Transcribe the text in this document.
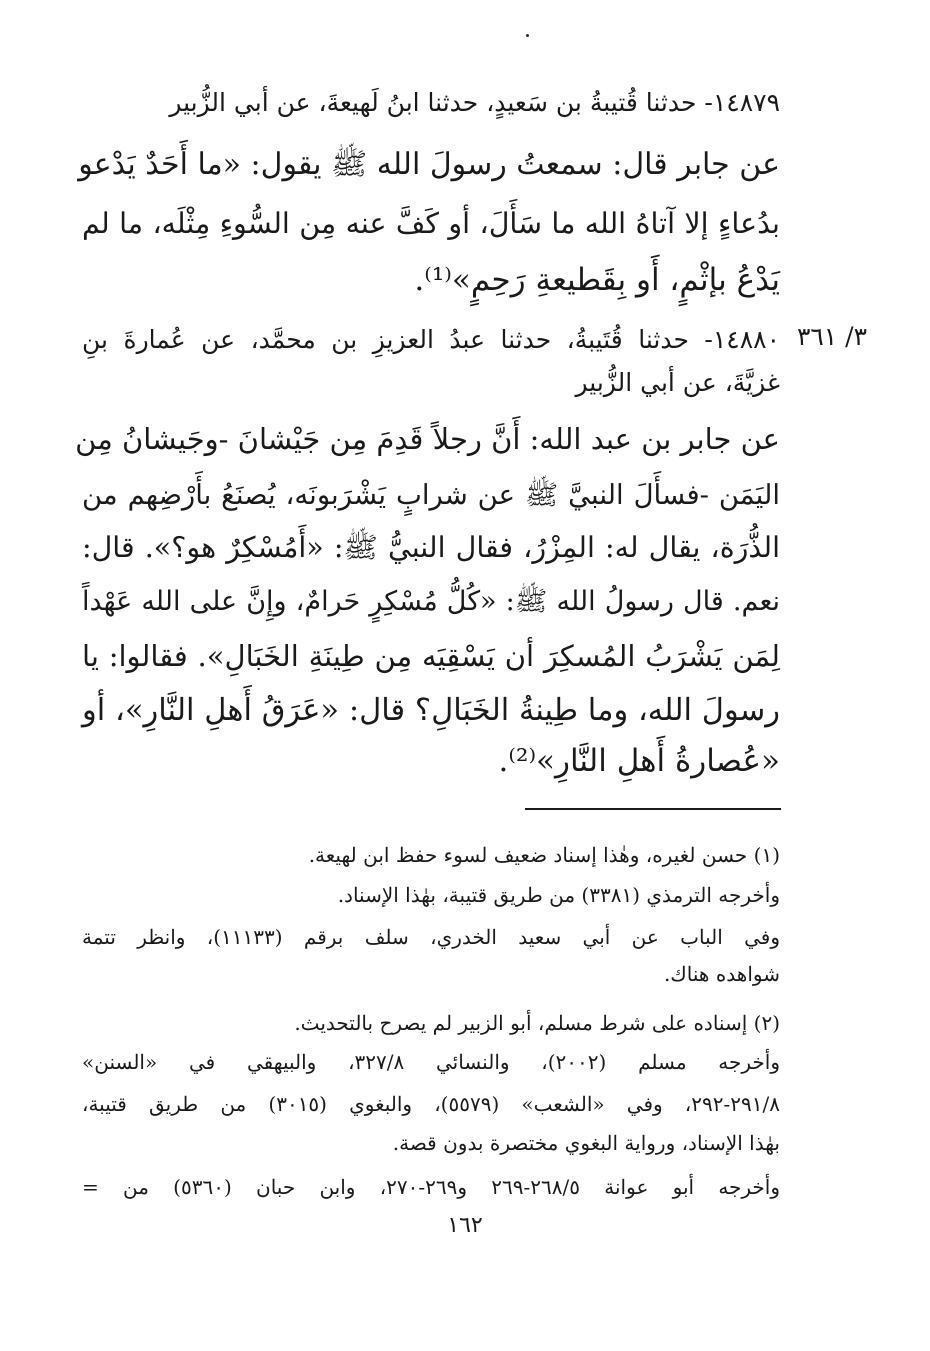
١٤٨٧٩- حدثنا قُتيبةُ بن سَعيدٍ، حدثنا ابنُ لَهيعةَ، عن أبي الزُّبير
عن جابر قال: سمعتُ رسولَ الله ﷺ يقول: «ما أَحَدٌ يَدْعو
بدُعاءٍ إلا آتاهُ الله ما سَأَلَ، أو كَفَّ عنه مِن السُّوءِ مِثْلَه، ما لم
يَدْعُ بإثْمٍ، أَو بِقَطيعةِ رَحِمٍ»⁽¹⁾.
٣/ ٣٦١
١٤٨٨٠- حدثنا قُتَيبةُ، حدثنا عبدُ العزيزِ بن محمَّد، عن عُمارةَ بنِ
غزيَّةَ، عن أبي الزُّبير
عن جابر بن عبد الله: أَنَّ رجلاً قَدِمَ مِن جَيْشانَ -وجَيشانُ مِن
اليَمَن -فسأَلَ النبيَّ ﷺ عن شرابٍ يَشْرَبونَه، يُصنَعُ بأَرْضِهم من
الذُّرَة، يقال له: المِزْرُ، فقال النبيُّ ﷺ: «أَمُسْكِرٌ هو؟». قال:
نعم. قال رسولُ الله ﷺ: «كُلُّ مُسْكِرٍ حَرامٌ، وإِنَّ على الله عَهْداً
لِمَن يَشْرَبُ المُسكِرَ أن يَسْقِيَه مِن طِينَةِ الخَبَالِ». فقالوا: يا
رسولَ الله، وما طِينةُ الخَبَالِ؟ قال: «عَرَقُ أَهلِ النَّارِ»، أو
«عُصارةُ أَهلِ النَّارِ»⁽²⁾.
(١) حسن لغيره، وهٰذا إسناد ضعيف لسوء حفظ ابن لهيعة.
وأخرجه الترمذي (٣٣٨١) من طريق قتيبة، بهٰذا الإسناد.
وفي الباب عن أبي سعيد الخدري، سلف برقم (١١١٣٣)، وانظر تتمة
شواهده هناك.
(٢) إسناده على شرط مسلم، أبو الزبير لم يصرح بالتحديث.
وأخرجه مسلم (٢٠٠٢)، والنسائي ٣٢٧/٨، والبيهقي في «السنن»
٢٩١/٨-٢٩٢، وفي «الشعب» (٥٥٧٩)، والبغوي (٣٠١٥) من طريق قتيبة،
بهٰذا الإسناد، ورواية البغوي مختصرة بدون قصة.
وأخرجه أبو عوانة ٢٦٨/٥-٢٦٩ و٢٦٩-٢٧٠، وابن حبان (٥٣٦٠) من =
١٦٢
